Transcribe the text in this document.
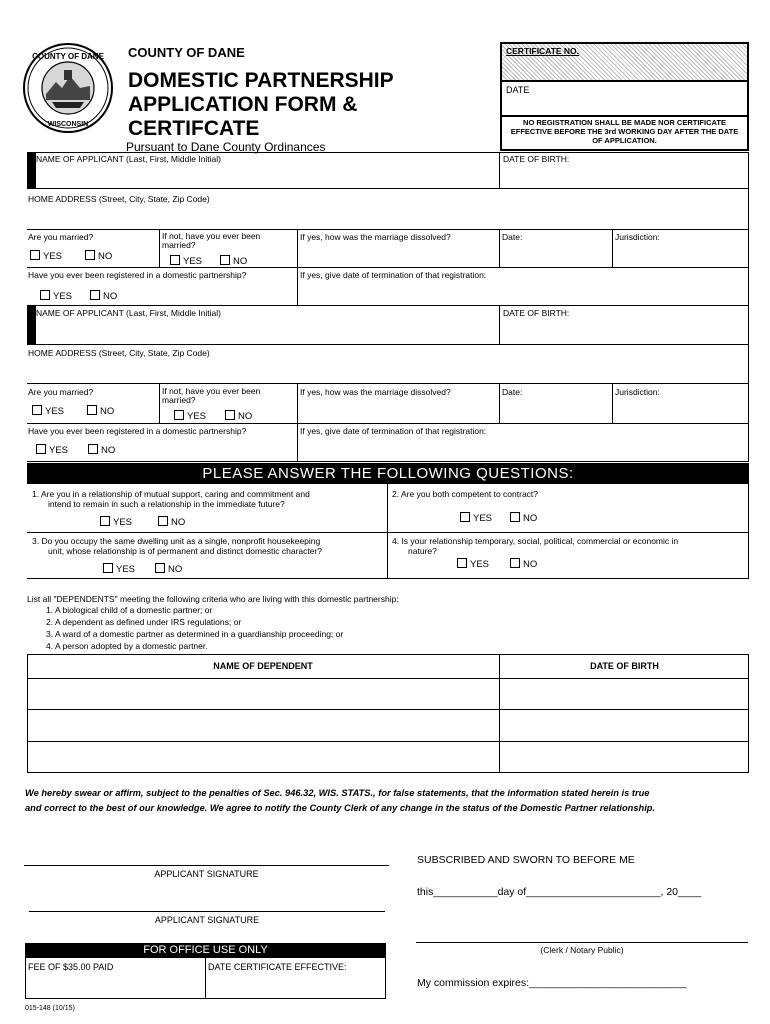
COUNTY OF DANE
WISCONSIN
COUNTY OF DANE
DOMESTIC PARTNERSHIP
APPLICATION FORM &
CERTIFCATE
Pursuant to Dane County Ordinances
CERTIFICATE NO.
DATE
NO REGISTRATION SHALL BE MADE NOR CERTIFICATE EFFECTIVE BEFORE THE 3rd WORKING DAY AFTER THE DATE OF APPLICATION.
NAME OF APPLICANT (Last, First, Middle Initial)	DATE OF BIRTH:
HOME ADDRESS (Street, City, State, Zip Code)
Are you married?
YES	NO
If not, have you ever been married?
YES	NO
If yes, how was the marriage dissolved?	Date:	Jurisdiction:
Have you ever been registered in a domestic partnership?
YES	NO
If yes, give date of termination of that registration:
NAME OF APPLICANT (Last, First, Middle Initial)	DATE OF BIRTH:
HOME ADDRESS (Street, City, State, Zip Code)
Are you married?
YES	NO
If not, have you ever been married?
YES	NO
If yes, how was the marriage dissolved?	Date:	Jurisdiction:
Have you ever been registered in a domestic partnership?
YES	NO
If yes, give date of termination of that registration:
PLEASE ANSWER THE FOLLOWING QUESTIONS:
1. Are you in a relationship of mutual support, caring and commitment and
intend to remain in such a relationship in the immediate future?
YES	NO
2. Are you both competent to contract?
YES	NO
3. Do you occupy the same dwelling unit as a single, nonprofit housekeeping
unit, whose relationship is of permanent and distinct domestic character?
YES	NO
4. Is your relationship temporary, social, political, commercial or economic in
nature?
YES	NO
List all "DEPENDENTS" meeting the following criteria who are living with this domestic partnership:
1. A biological child of a domestic partner; or
2. A dependent as defined under IRS regulations; or
3. A ward of a domestic partner as determined in a guardianship proceeding; or
4. A person adopted by a domestic partner.
NAME OF DEPENDENT	DATE OF BIRTH
We hereby swear or affirm, subject to the penalties of Sec. 946.32, WIS. STATS., for false statements, that the information stated herein is true
and correct to the best of our knowledge. We agree to notify the County Clerk of any change in the status of the Domestic Partner relationship.
APPLICANT SIGNATURE
APPLICANT SIGNATURE
SUBSCRIBED AND SWORN TO BEFORE ME
this___________day of_______________________, 20____
(Clerk / Notary Public)
My commission expires:___________________________
FOR OFFICE USE ONLY
FEE OF $35.00 PAID	DATE CERTIFICATE EFFECTIVE:
015-148 (10/15)
